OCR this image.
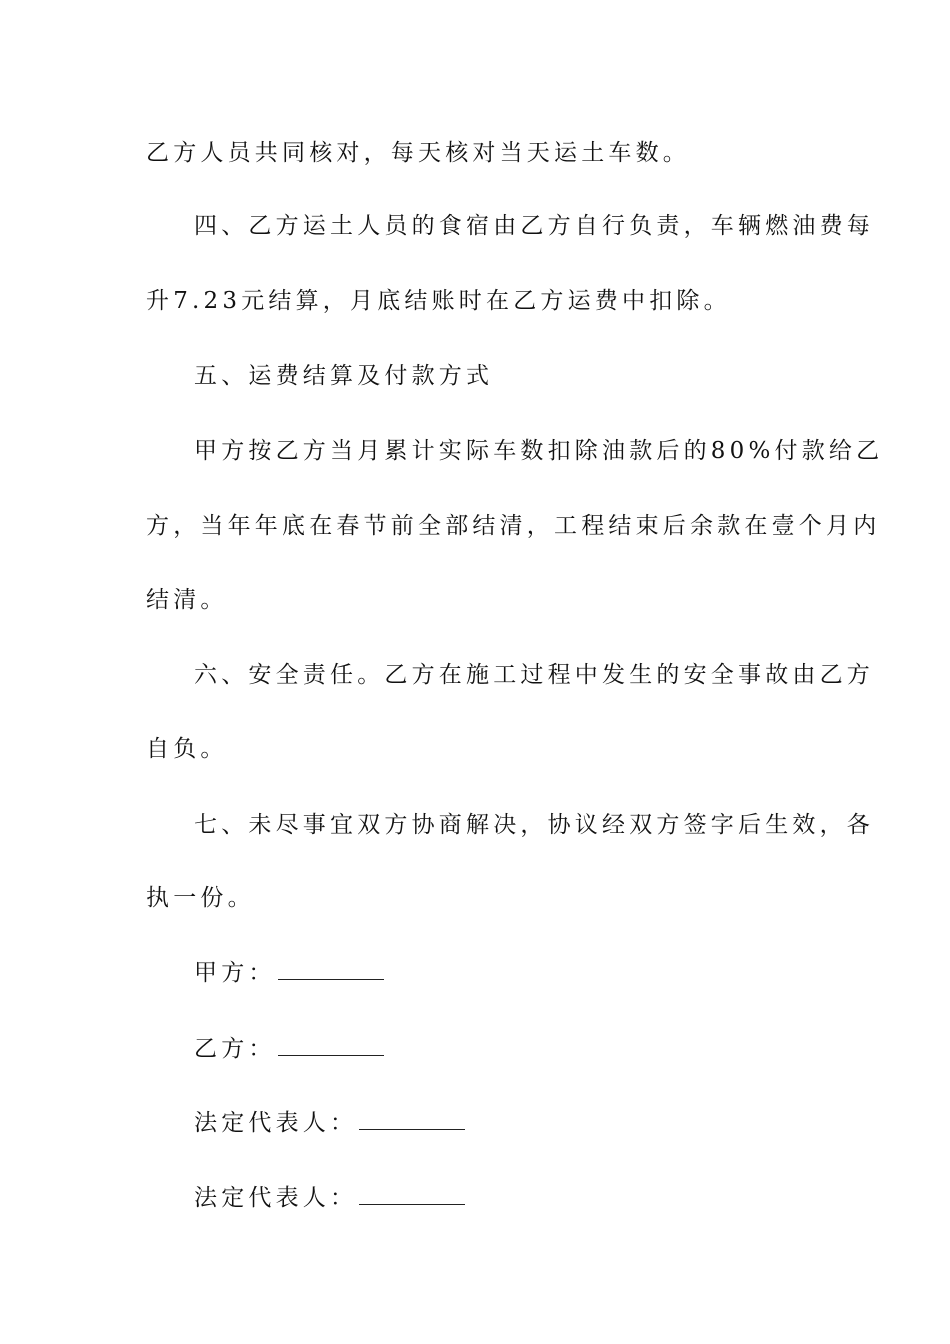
乙方人员共同核对，每天核对当天运土车数。
四、乙方运土人员的食宿由乙方自行负责，车辆燃油费每
升7.23元结算，月底结账时在乙方运费中扣除。
五、运费结算及付款方式
甲方按乙方当月累计实际车数扣除油款后的80%付款给乙
方，当年年底在春节前全部结清，工程结束后余款在壹个月内
结清。
六、安全责任。乙方在施工过程中发生的安全事故由乙方
自负。
七、未尽事宜双方协商解决，协议经双方签字后生效，各
执一份。
甲方：
乙方：
法定代表人：
法定代表人：
